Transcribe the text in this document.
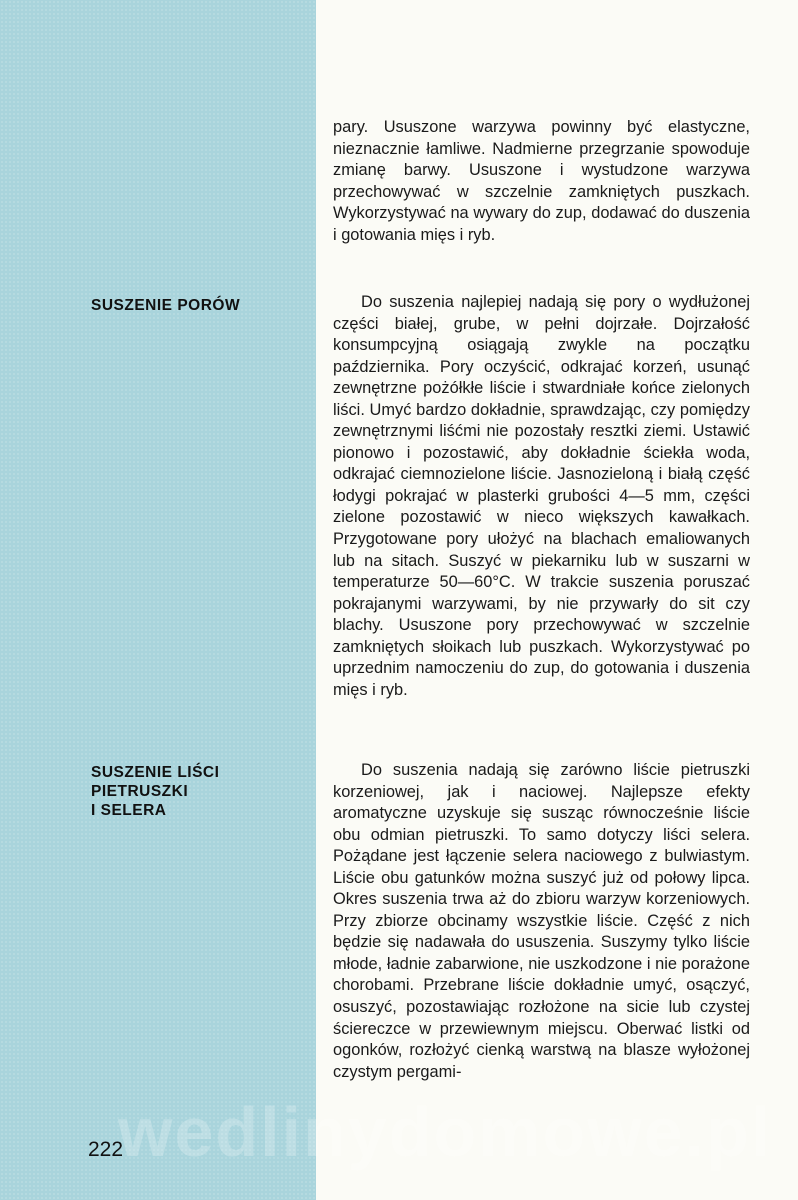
pary. Ususzone warzywa powinny być elastyczne, nieznacznie łamliwe. Nadmierne przegrzanie spowoduje zmianę barwy. Ususzone i wystudzone warzywa przechowywać w szczelnie zamkniętych puszkach. Wykorzystywać na wywary do zup, dodawać do duszenia i gotowania mięs i ryb.

SUSZENIE PORÓW	Do suszenia najlepiej nadają się pory o wydłużonej części białej, grube, w pełni dojrzałe. Dojrzałość konsumpcyjną osiągają zwykle na początku października. Pory oczyścić, odkrajać korzeń, usunąć zewnętrzne pożółkłe liście i stwardniałe końce zielonych liści. Umyć bardzo dokładnie, sprawdzając, czy pomiędzy zewnętrznymi liśćmi nie pozostały resztki ziemi. Ustawić pionowo i pozostawić, aby dokładnie ściekła woda, odkrajać ciemnozielone liście. Jasnozieloną i białą część łodygi pokrajać w plasterki grubości 4—5 mm, części zielone pozostawić w nieco większych kawałkach. Przygotowane pory ułożyć na blachach emaliowanych lub na sitach. Suszyć w piekarniku lub w suszarni w temperaturze 50—60°C. W trakcie suszenia poruszać pokrajanymi warzywami, by nie przywarły do sit czy blachy. Ususzone pory przechowywać w szczelnie zamkniętych słoikach lub puszkach. Wykorzystywać po uprzednim namoczeniu do zup, do gotowania i duszenia mięs i ryb.

SUSZENIE LIŚCI
PIETRUSZKI
I SELERA

Do suszenia nadają się zarówno liście pietruszki korzeniowej, jak i naciowej. Najlepsze efekty aromatyczne uzyskuje się susząc równocześnie liście obu odmian pietruszki. To samo dotyczy liści selera. Pożądane jest łączenie selera naciowego z bulwiastym. Liście obu gatunków można suszyć już od połowy lipca. Okres suszenia trwa aż do zbioru warzyw korzeniowych. Przy zbiorze obcinamy wszystkie liście. Część z nich będzie się nadawała do ususzenia. Suszymy tylko liście młode, ładnie zabarwione, nie uszkodzone i nie porażone chorobami. Przebrane liście dokładnie umyć, osączyć, osuszyć, pozostawiając rozłożone na sicie lub czystej ściereczce w przewiewnym miejscu. Oberwać listki od ogonków, rozłożyć cienką warstwą na blasze wyłożonej czystym pergami-

wedlinydomowe.pl
222
